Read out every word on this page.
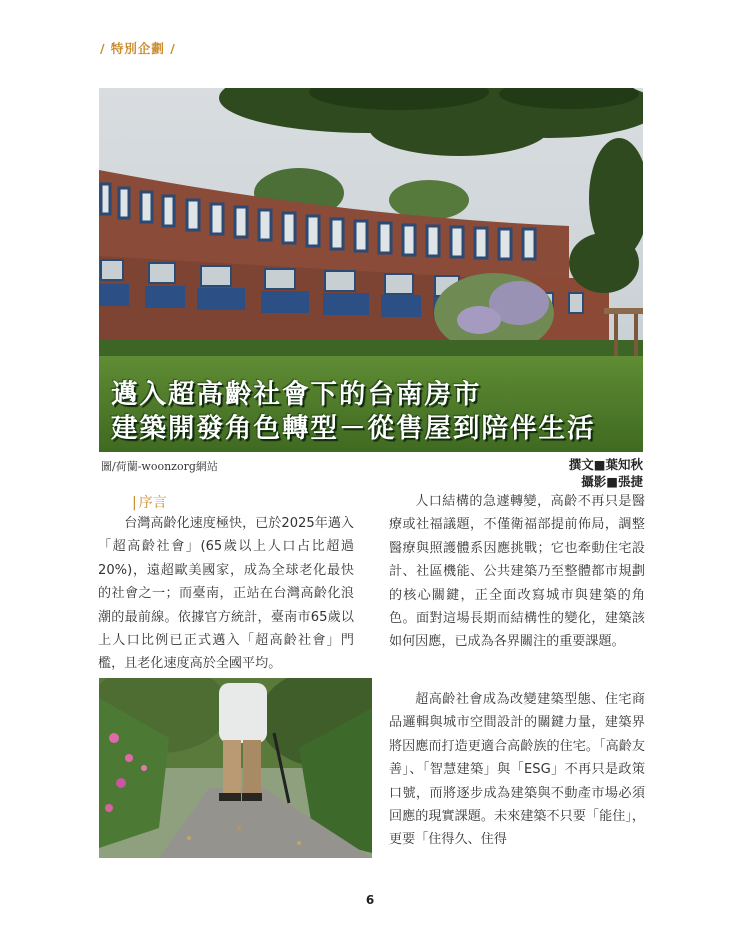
/ 特別企劃 /
邁入超高齡社會下的台南房市
建築開發角色轉型－從售屋到陪伴生活
圖/荷蘭-woonzorg網站	撰文■葉知秋
攝影■張捷
| 序言

台灣高齡化速度極快，已於2025年邁入「超高齡社會」(65歲以上人口占比超過20%)，遠超歐美國家，成為全球老化最快的社會之一；而臺南，正站在台灣高齡化浪潮的最前線。依據官方統計，臺南市65歲以上人口比例已正式邁入「超高齡社會」門檻，且老化速度高於全國平均。

人口結構的急遽轉變，高齡不再只是醫療或社福議題，不僅衛福部提前佈局，調整醫療與照護體系因應挑戰；它也牽動住宅設計、社區機能、公共建築乃至整體都市規劃的核心關鍵，正全面改寫城市與建築的角色。面對這場長期而結構性的變化，建築該如何因應，已成為各界關注的重要課題。

超高齡社會成為改變建築型態、住宅商品邏輯與城市空間設計的關鍵力量，建築界將因應而打造更適合高齡族的住宅。「高齡友善」、「智慧建築」與「ESG」不再只是政策口號，而將逐步成為建築與不動產市場必須回應的現實課題。未來建築不只要「能住」，更要「住得久、住得

6
